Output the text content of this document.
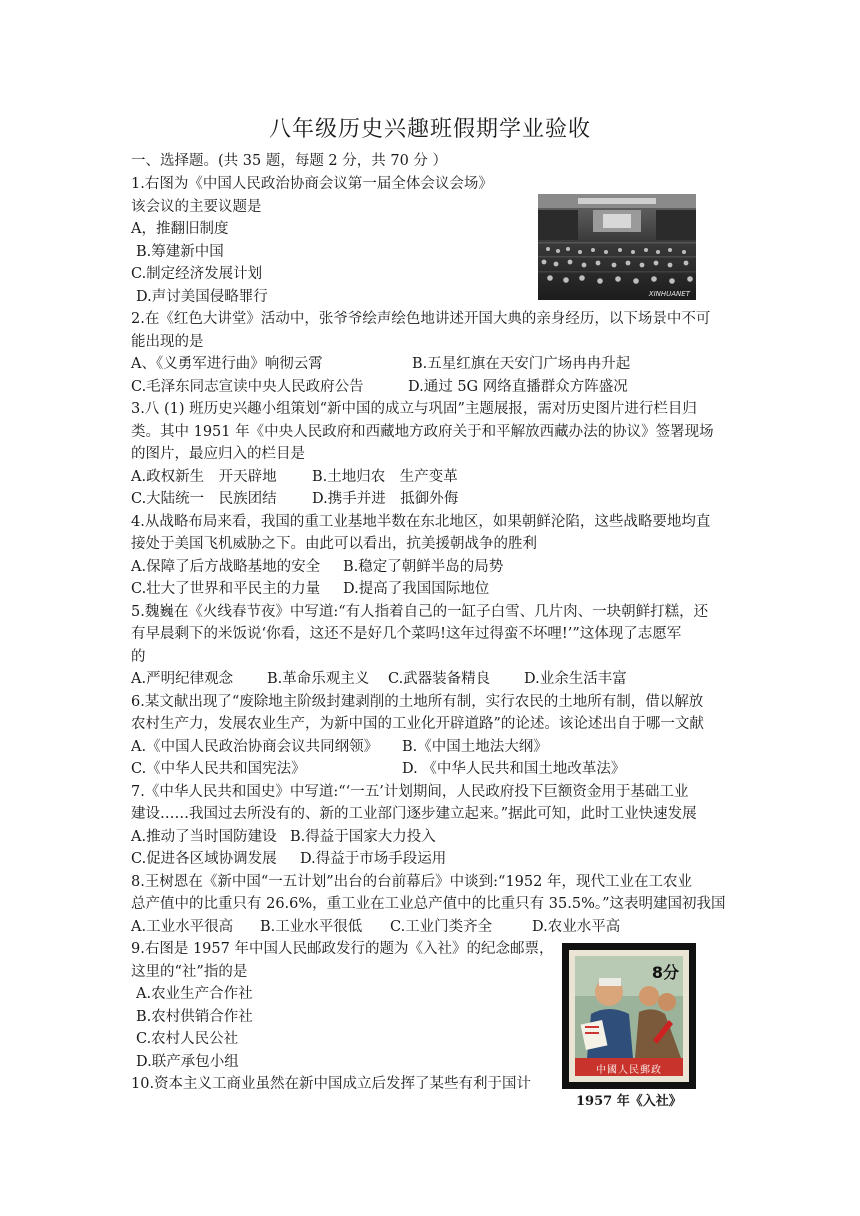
八年级历史兴趣班假期学业验收
一、选择题。(共 35 题，每题 2 分，共 70 分 ）
1.右图为《中国人民政治协商会议第一届全体会议会场》
该会议的主要议题是
A，推翻旧制度
B.筹建新中国
C.制定经济发展计划
D.声讨美国侵略罪行	XINHUANET
2.在《红色大讲堂》活动中，张爷爷绘声绘色地讲述开国大典的亲身经历，以下场景中不可
能出现的是
A、《义勇军进行曲》响彻云霄	B.五星红旗在天安门广场冉冉升起
C.毛泽东同志宣读中央人民政府公告	D.通过 5G 网络直播群众方阵盛况
3.八 (1) 班历史兴趣小组策划“新中国的成立与巩固”主题展报，需对历史图片进行栏目归
类。其中 1951 年《中央人民政府和西藏地方政府关于和平解放西藏办法的协议》签署现场
的图片，最应归入的栏目是
A.政权新生　开天辟地 B.土地归农　生产变革
C.大陆统一　民族团结 D.携手并进　抵御外侮
4.从战略布局来看，我国的重工业基地半数在东北地区，如果朝鲜沦陷，这些战略要地均直
接处于美国飞机威胁之下。由此可以看出，抗美援朝战争的胜利
A.保障了后方战略基地的安全 B.稳定了朝鲜半岛的局势
C.壮大了世界和平民主的力量 D.提高了我国国际地位
5.魏巍在《火线春节夜》中写道:“有人指着自己的一缸子白雪、几片肉、一块朝鲜打糕，还
有早晨剩下的米饭说‘你看，这还不是好几个菜吗!这年过得蛮不坏哩!’”这体现了志愿军
的
A.严明纪律观念 B.革命乐观主义 C.武器装备精良 D.业余生活丰富
6.某文献出现了“废除地主阶级封建剥削的土地所有制，实行农民的土地所有制，借以解放
农村生产力，发展农业生产，为新中国的工业化开辟道路”的论述。该论述出自于哪一文献
A.《中国人民政治协商会议共同纲领》 B.《中国土地法大纲》
C.《中华人民共和国宪法》	D. 《中华人民共和国土地改革法》
7.《中华人民共和国史》中写道:“‘一五’计划期间，人民政府投下巨额资金用于基础工业
建设……我国过去所没有的、新的工业部门逐步建立起来。”据此可知，此时工业快速发展
A.推动了当时国防建设 B.得益于国家大力投入
C.促进各区域协调发展 D.得益于市场手段运用
8.王树恩在《新中国“一五计划”出台的台前幕后》中谈到:“1952 年，现代工业在工农业
总产值中的比重只有 26.6%，重工业在工业总产值中的比重只有 35.5%。”这表明建国初我国
A.工业水平很高 B.工业水平很低 C.工业门类齐全	D.农业水平高
9.右图是 1957 年中国人民邮政发行的题为《入社》的纪念邮票，
这里的“社”指的是
A.农业生产合作社
B.农村供销合作社
C.农村人民公社
D.联产承包小组
8分
中國人民郵政
1957 年《入社》
10.资本主义工商业虽然在新中国成立后发挥了某些有利于国计
